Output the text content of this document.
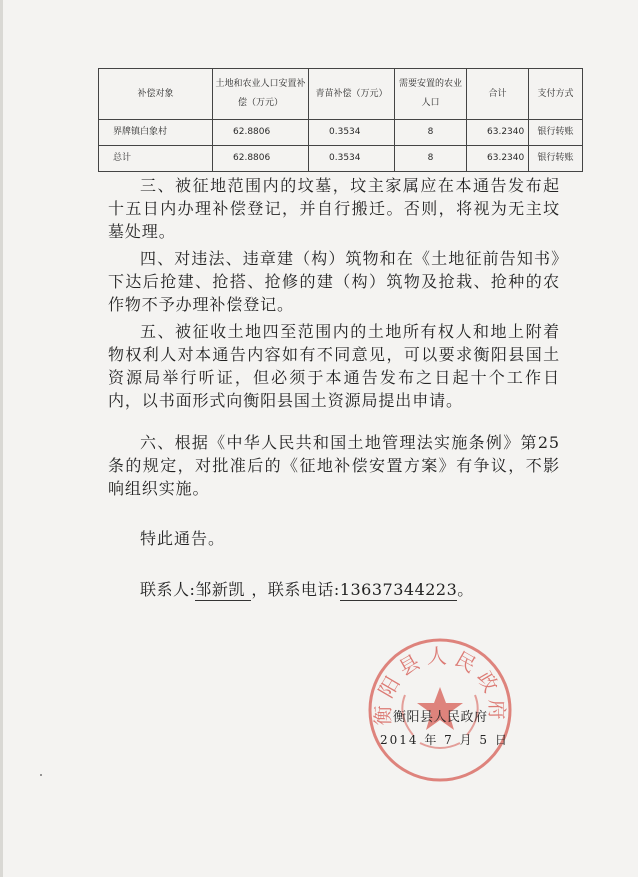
补偿对象	土地和农业人口安置补偿（万元）	青苗补偿（万元）	需要安置的农业人口	合计	支付方式
界牌镇白象村	62.8806	0.3534	8	63.2340	银行转账
总计	62.8806	0.3534	8	63.2340	银行转账

三、被征地范围内的坟墓，坟主家属应在本通告发布起十五日内办理补偿登记，并自行搬迁。否则，将视为无主坟墓处理。

四、对违法、违章建（构）筑物和在《土地征前告知书》下达后抢建、抢搭、抢修的建（构）筑物及抢栽、抢种的农作物不予办理补偿登记。

五、被征收土地四至范围内的土地所有权人和地上附着物权利人对本通告内容如有不同意见，可以要求衡阳县国土资源局举行听证，但必须于本通告发布之日起十个工作日内，以书面形式向衡阳县国土资源局提出申请。

六、根据《中华人民共和国土地管理法实施条例》第25条的规定，对批准后的《征地补偿安置方案》有争议，不影响组织实施。

特此通告。
联系人:邹新凯 ，联系电话:13637344223。
衡阳县人民政府
衡阳县人民政府
2014 年 7 月 5 日
